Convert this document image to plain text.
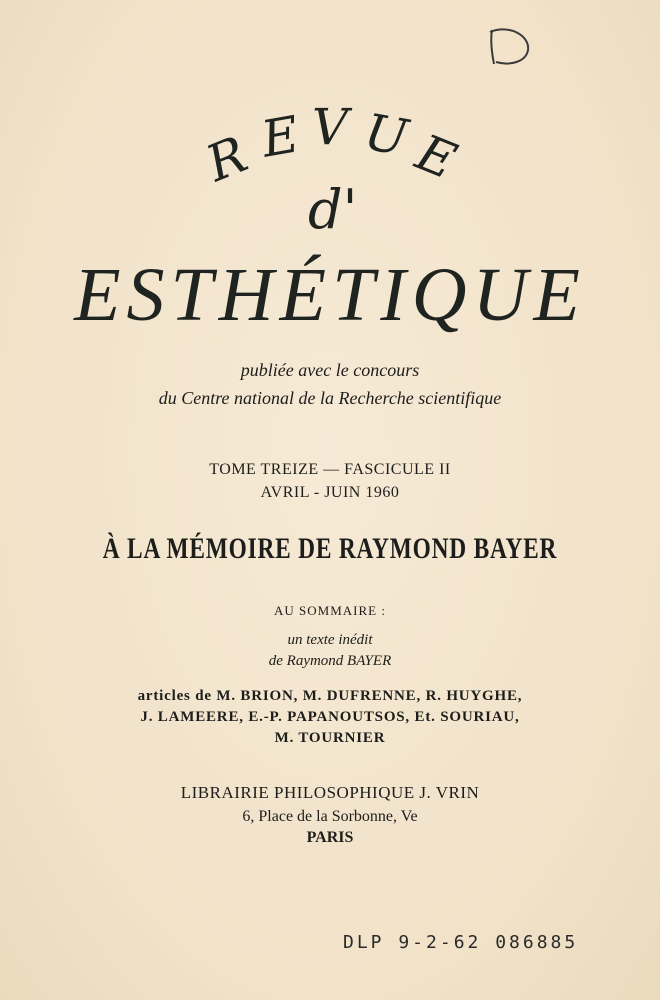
R E V U
E
d'
ESTHÉTIQUE
publiée avec le concours
du Centre national de la Recherche scientifique
TOME TREIZE — FASCICULE II
AVRIL - JUIN 1960
À LA MÉMOIRE DE RAYMOND BAYER
AU SOMMAIRE :
un texte inédit
de Raymond BAYER
articles de M. BRION, M. DUFRENNE, R. HUYGHE,
J. LAMEERE, E.-P. PAPANOUTSOS, Et. SOURIAU,
M. TOURNIER
LIBRAIRIE PHILOSOPHIQUE J. VRIN
6, Place de la Sorbonne, Ve
PARIS
DLP 9-2-62 086885
